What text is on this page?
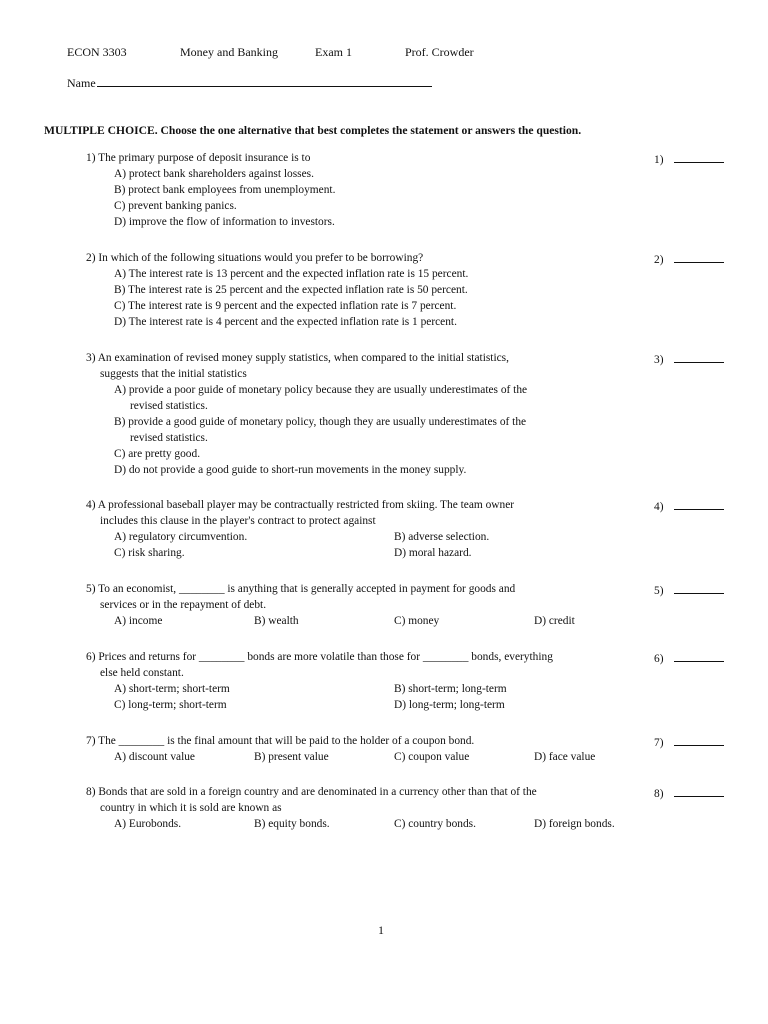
ECON 3303	Money and Banking	Exam 1	Prof. Crowder
Name
MULTIPLE CHOICE. Choose the one alternative that best completes the statement or answers the question.
1) The primary purpose of deposit insurance is to
A) protect bank shareholders against losses.
B) protect bank employees from unemployment.
C) prevent banking panics.
D) improve the flow of information to investors.
1)
2) In which of the following situations would you prefer to be borrowing?
A) The interest rate is 13 percent and the expected inflation rate is 15 percent.
B) The interest rate is 25 percent and the expected inflation rate is 50 percent.
C) The interest rate is 9 percent and the expected inflation rate is 7 percent.
D) The interest rate is 4 percent and the expected inflation rate is 1 percent.
2)
3) An examination of revised money supply statistics, when compared to the initial statistics,
suggests that the initial statistics
A) provide a poor guide of monetary policy because they are usually underestimates of the
revised statistics.
B) provide a good guide of monetary policy, though they are usually underestimates of the
revised statistics.
C) are pretty good.
D) do not provide a good guide to short-run movements in the money supply.
3)
4) A professional baseball player may be contractually restricted from skiing. The team owner
includes this clause in the player's contract to protect against
A) regulatory circumvention.	B) adverse selection.
C) risk sharing.	D) moral hazard.
4)
5) To an economist, ________ is anything that is generally accepted in payment for goods and
services or in the repayment of debt.
A) income	B) wealth	C) money	D) credit
5)
6) Prices and returns for ________ bonds are more volatile than those for ________ bonds, everything
else held constant.
A) short-term; short-term	B) short-term; long-term
C) long-term; short-term	D) long-term; long-term
6)
7) The ________ is the final amount that will be paid to the holder of a coupon bond.
A) discount value	B) present value	C) coupon value	D) face value
7)
8) Bonds that are sold in a foreign country and are denominated in a currency other than that of the
country in which it is sold are known as
A) Eurobonds.	B) equity bonds.	C) country bonds.	D) foreign bonds.
8)
1
